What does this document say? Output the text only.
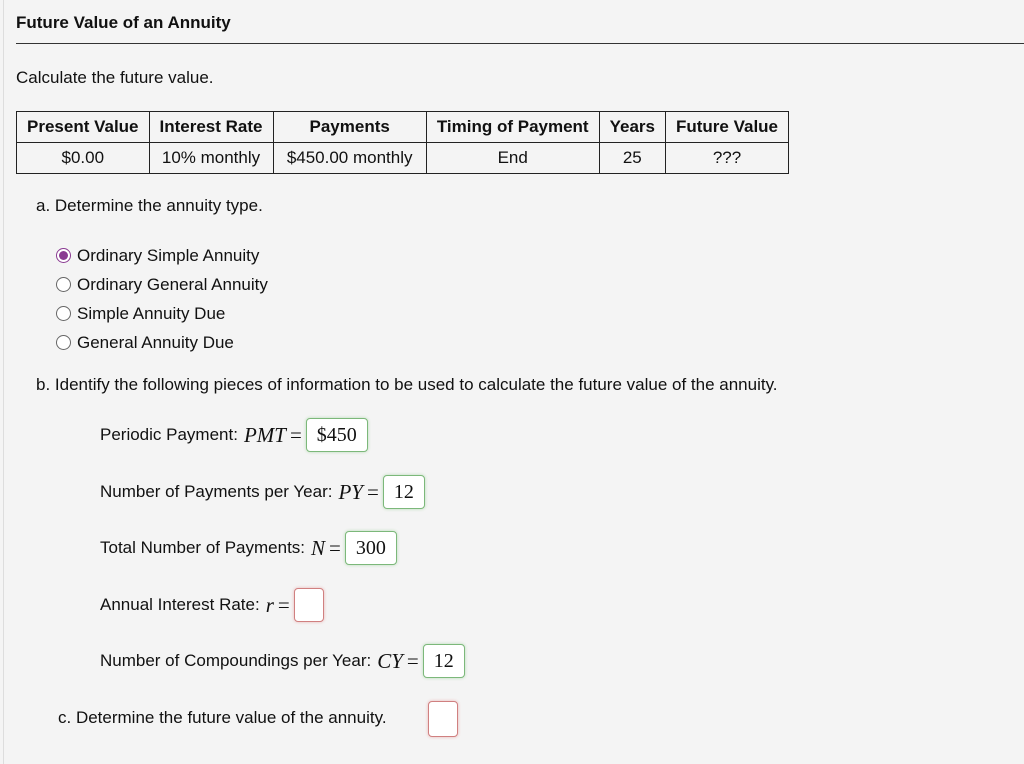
Future Value of an Annuity
Calculate the future value.
Present Value	Interest Rate	Payments	Timing of Payment	Years	Future Value
$0.00	10% monthly	$450.00 monthly	End	25	???
a. Determine the annuity type.
Ordinary Simple Annuity
Ordinary General Annuity
Simple Annuity Due
General Annuity Due
b. Identify the following pieces of information to be used to calculate the future value of the annuity.
Periodic Payment: PMT = $450
Number of Payments per Year: PY = 12
Total Number of Payments: N = 300
Annual Interest Rate: r =
Number of Compoundings per Year: CY = 12
c. Determine the future value of the annuity.
